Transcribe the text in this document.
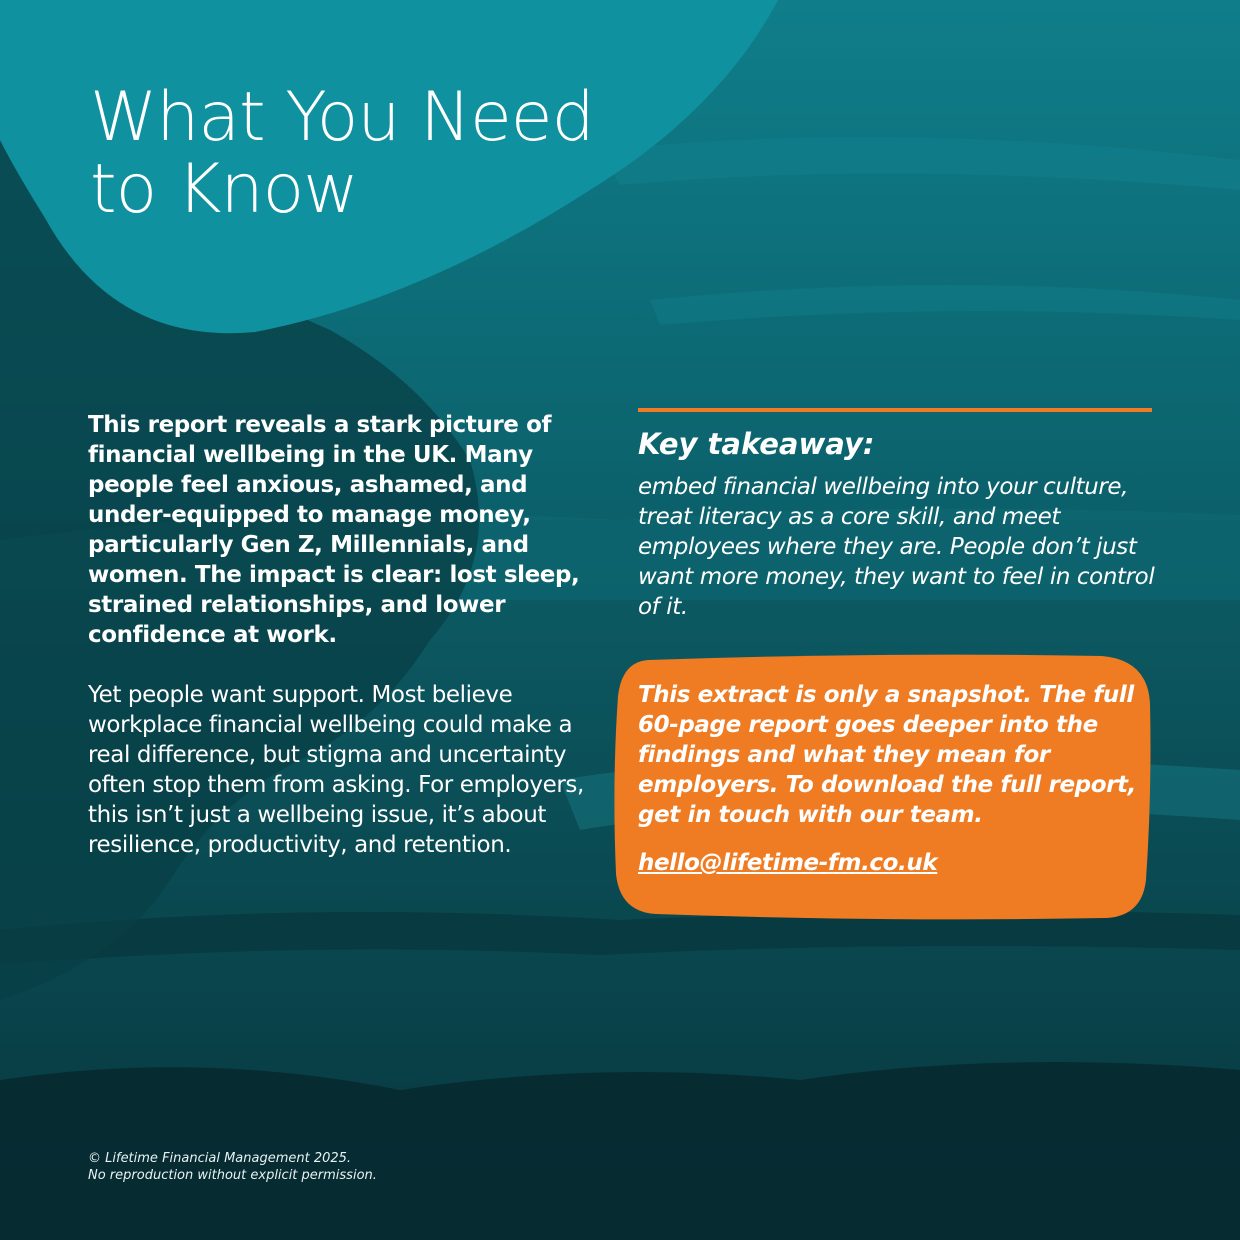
What You Need
to Know

This report reveals a stark picture of financial wellbeing in the UK. Many people feel anxious, ashamed, and under-equipped to manage money, particularly Gen Z, Millennials, and women. The impact is clear: lost sleep, strained relationships, and lower confidence at work.

Yet people want support. Most believe workplace financial wellbeing could make a real difference, but stigma and uncertainty often stop them from asking. For employers, this isn’t just a wellbeing issue, it’s about resilience, productivity, and retention.

Key takeaway:

embed financial wellbeing into your culture, treat literacy as a core skill, and meet employees where they are. People don’t just want more money, they want to feel in control of it.

This extract is only a snapshot. The full 60-page report goes deeper into the findings and what they mean for employers. To download the full report, get in touch with our team.

hello@lifetime-fm.co.uk

© Lifetime Financial Management 2025.
No reproduction without explicit permission.
